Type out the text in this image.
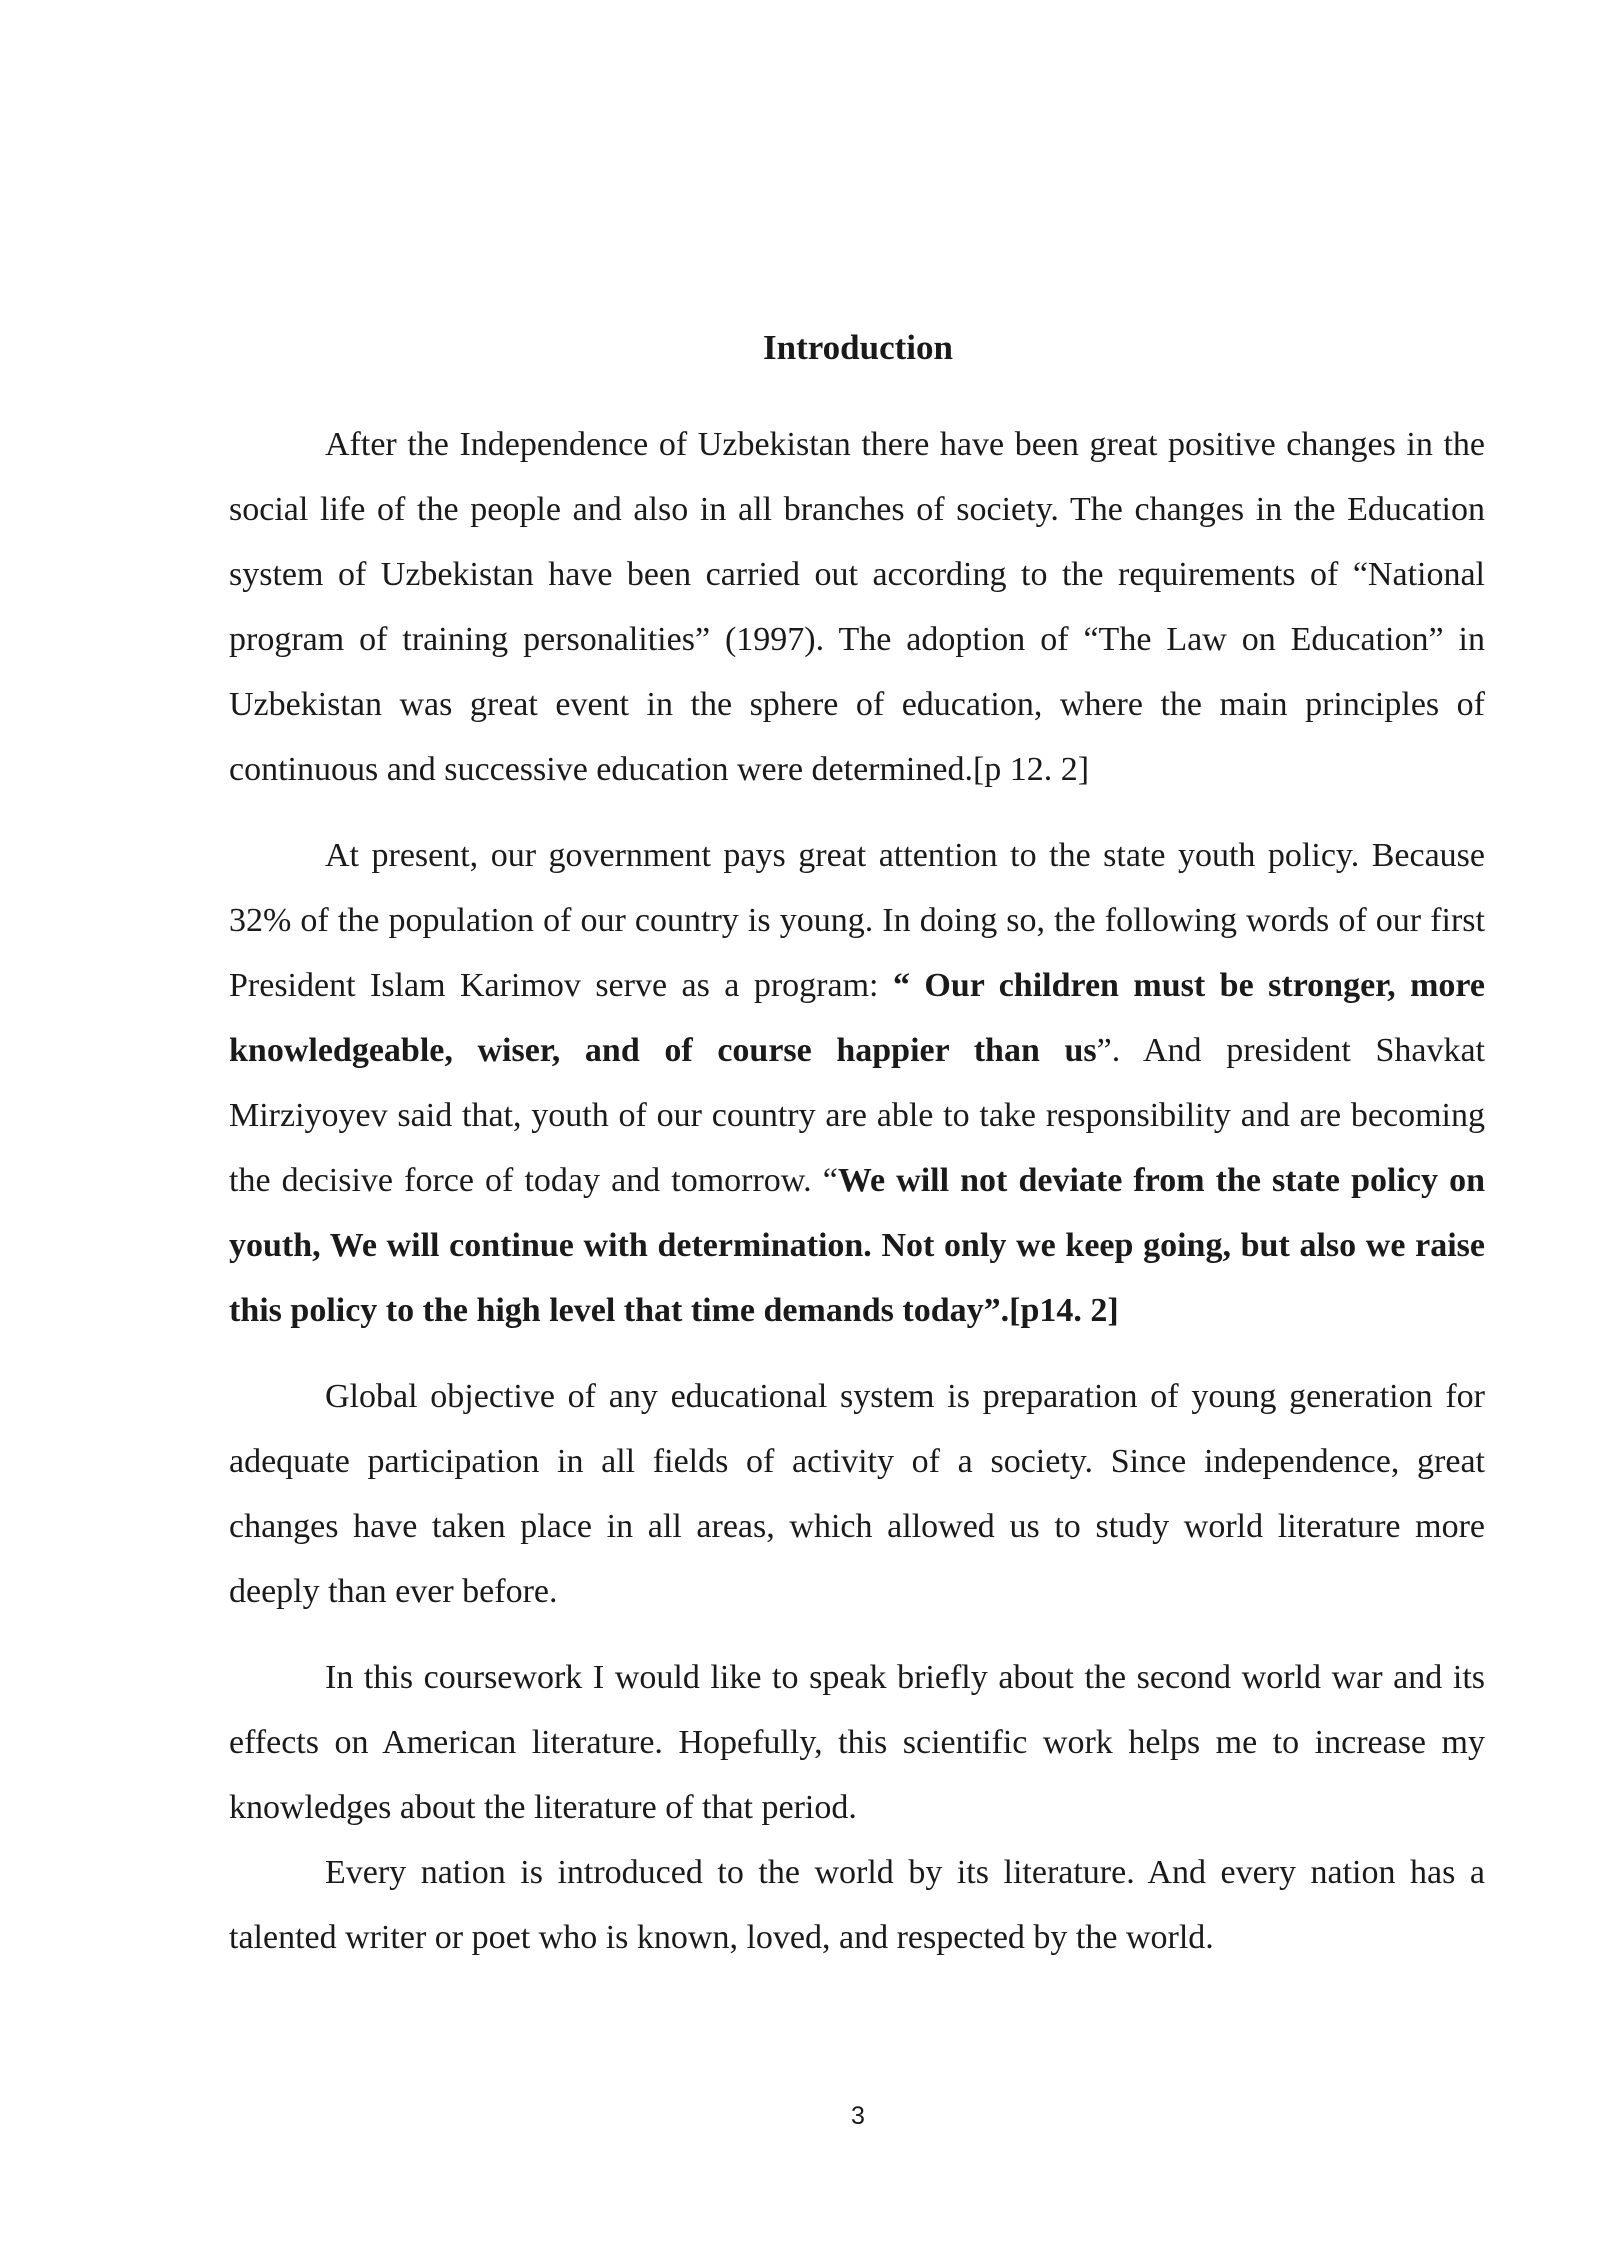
Introduction

After the Independence of Uzbekistan there have been great positive changes in the social life of the people and also in all branches of society. The changes in the Education system of Uzbekistan have been carried out according to the requirements of “National program of training personalities” (1997). The adoption of “The Law on Education” in Uzbekistan was great event in the sphere of education, where the main principles of continuous and successive education were determined.[p 12. 2]

At present, our government pays great attention to the state youth policy. Because 32% of the population of our country is young. In doing so, the following words of our first President Islam Karimov serve as a program: “ Our children must be stronger, more knowledgeable, wiser, and of course happier than us”. And president Shavkat Mirziyoyev said that, youth of our country are able to take responsibility and are becoming the decisive force of today and tomorrow. “We will not deviate from the state policy on youth, We will continue with determination. Not only we keep going, but also we raise this policy to the high level that time demands today”.[p14. 2]

Global objective of any educational system is preparation of young generation for adequate participation in all fields of activity of a society. Since independence, great changes have taken place in all areas, which allowed us to study world literature more deeply than ever before.

In this coursework I would like to speak briefly about the second world war and its effects on American literature. Hopefully, this scientific work helps me to increase my knowledges about the literature of that period.

Every nation is introduced to the world by its literature. And every nation has a talented writer or poet who is known, loved, and respected by the world.

3
